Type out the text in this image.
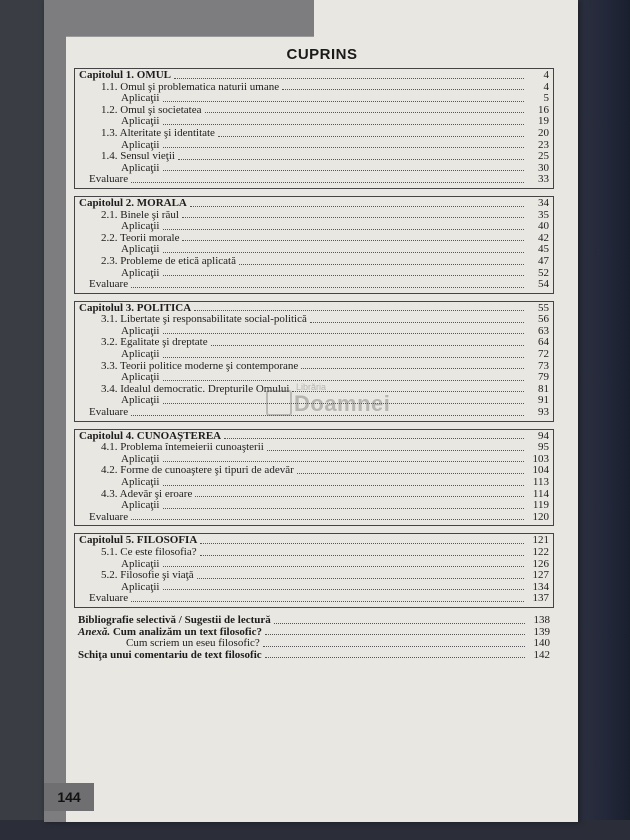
CUPRINS
Capitolul 1. OMUL	4
1.1. Omul şi problematica naturii umane	4
Aplicaţii	5
1.2. Omul şi societatea	16
Aplicaţii	19
1.3. Alteritate şi identitate	20
Aplicaţii	23
1.4. Sensul vieţii	25
Aplicaţii	30
Evaluare	33
Capitolul 2. MORALA	34
2.1. Binele şi răul	35
Aplicaţii	40
2.2. Teorii morale	42
Aplicaţii	45
2.3. Probleme de etică aplicată	47
Aplicaţii	52
Evaluare	54
Capitolul 3. POLITICA	55
3.1. Libertate şi responsabilitate social-politică	56
Aplicaţii	63
3.2. Egalitate şi dreptate	64
Aplicaţii	72
3.3. Teorii politice moderne şi contemporane	73
Aplicaţii	79
3.4. Idealul democratic. Drepturile Omului	81
Aplicaţii	91
Evaluare	93
Capitolul 4. CUNOAŞTEREA	94
4.1. Problema întemeierii cunoaşterii	95
Aplicaţii	103
4.2. Forme de cunoaştere şi tipuri de adevăr	104
Aplicaţii	113
4.3. Adevăr şi eroare	114
Aplicaţii	119
Evaluare	120
Capitolul 5. FILOSOFIA	121
5.1. Ce este filosofia?	122
Aplicaţii	126
5.2. Filosofie şi viaţă	127
Aplicaţii	134
Evaluare	137
Bibliografie selectivă / Sugestii de lectură	138
Anexă. Cum analizăm un text filosofic?	139
Cum scriem un eseu filosofic?	140
Schiţa unui comentariu de text filosofic	142
Librăria
Doamnei
144
